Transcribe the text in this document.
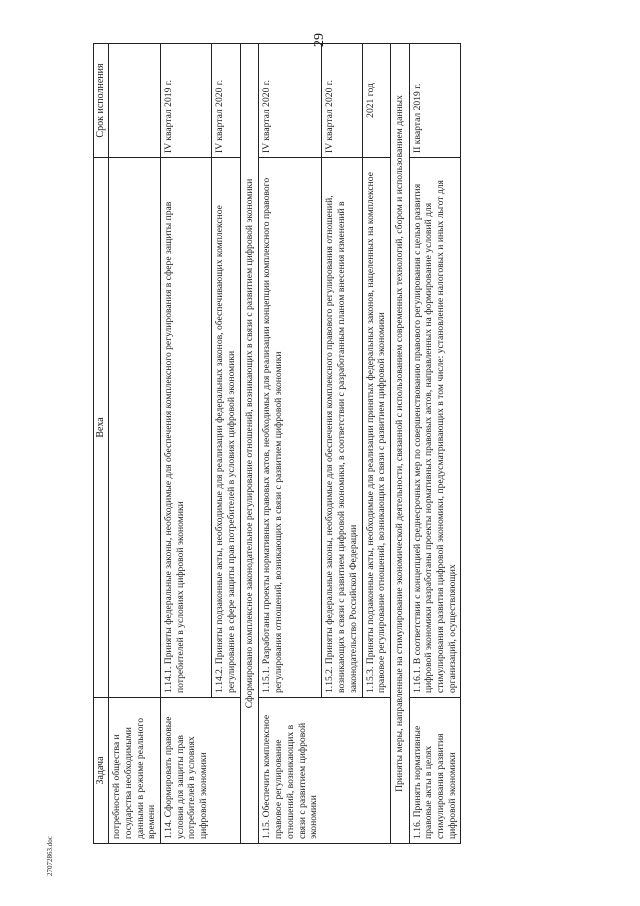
29
Задача	Веха	Срок исполнения
потребностей общества и государства необходимыми данными в режиме реального времени		
1.14. Сформировать правовые условия для защиты прав потребителей в условиях цифровой экономики	1.14.1. Приняты федеральные законы, необходимые для обеспечения комплексного регулирования в сфере защиты прав потребителей в условиях цифровой экономики	IV квартал 2019 г.
	1.14.2. Приняты подзаконные акты, необходимые для реализации федеральных законов, обеспечивающих комплексное регулирование в сфере защиты прав потребителей в условиях цифровой экономики	IV квартал 2020 г.
Сформировано комплексное законодательное регулирование отношений, возникающих в связи с развитием цифровой экономики		
1.15. Обеспечить комплексное правовое регулирование отношений, возникающих в связи с развитием цифровой экономики	1.15.1. Разработаны проекты нормативных правовых актов, необходимых для реализации концепции комплексного правового регулирования отношений, возникающих в связи с развитием цифровой экономики	IV квартал 2020 г.
	1.15.2. Приняты федеральные законы, необходимые для обеспечения комплексного правового регулирования отношений, возникающих в связи с развитием цифровой экономики, в соответствии с разработанным планом внесения изменений в законодательство Российской Федерации	IV квартал 2020 г.
	1.15.3. Приняты подзаконные акты, необходимые для реализации принятых федеральных законов, нацеленных на комплексное правовое регулирование отношений, возникающих в связи с развитием цифровой экономики	2021 год
Приняты меры, направленные на стимулирование экономической деятельности, связанной с использованием современных технологий, сбором и использованием данных		
1.16. Принять нормативные правовые акты в целях стимулирования развития цифровой экономики	1.16.1. В соответствии с концепцией среднесрочных мер по совершенствованию правового регулирования с целью развития цифровой экономики разработаны проекты нормативных правовых актов, направленных на формирование условий для стимулирования развития цифровой экономики, предусматривающих в том числе: установление налоговых и иных льгот для организаций, осуществляющих	II квартал 2019 г.
27072863.doc
